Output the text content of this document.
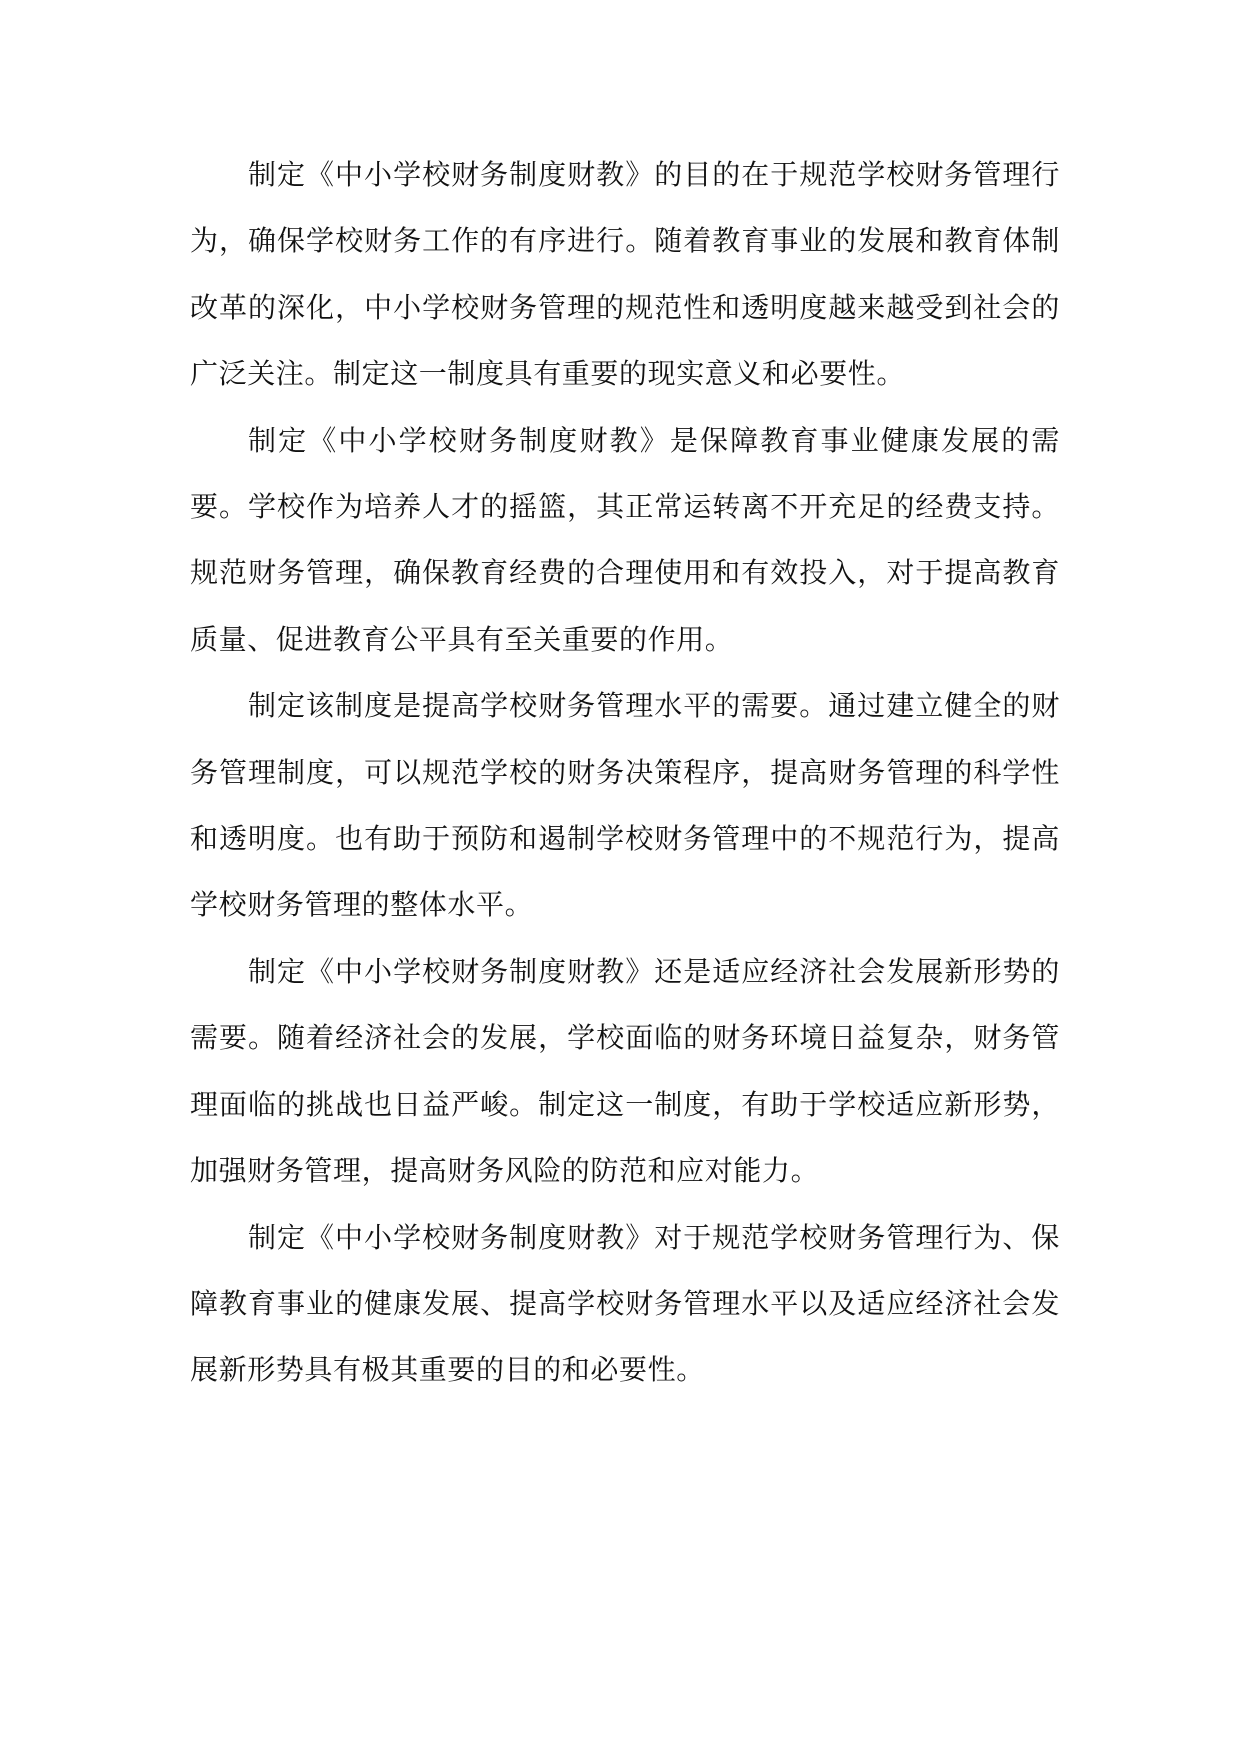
制定《中小学校财务制度财教》的目的在于规范学校财务管理行为，确保学校财务工作的有序进行。随着教育事业的发展和教育体制改革的深化，中小学校财务管理的规范性和透明度越来越受到社会的广泛关注。制定这一制度具有重要的现实意义和必要性。

制定《中小学校财务制度财教》是保障教育事业健康发展的需要。学校作为培养人才的摇篮，其正常运转离不开充足的经费支持。规范财务管理，确保教育经费的合理使用和有效投入，对于提高教育质量、促进教育公平具有至关重要的作用。

制定该制度是提高学校财务管理水平的需要。通过建立健全的财务管理制度，可以规范学校的财务决策程序，提高财务管理的科学性和透明度。也有助于预防和遏制学校财务管理中的不规范行为，提高学校财务管理的整体水平。

制定《中小学校财务制度财教》还是适应经济社会发展新形势的需要。随着经济社会的发展，学校面临的财务环境日益复杂，财务管理面临的挑战也日益严峻。制定这一制度，有助于学校适应新形势，加强财务管理，提高财务风险的防范和应对能力。

制定《中小学校财务制度财教》对于规范学校财务管理行为、保障教育事业的健康发展、提高学校财务管理水平以及适应经济社会发展新形势具有极其重要的目的和必要性。
